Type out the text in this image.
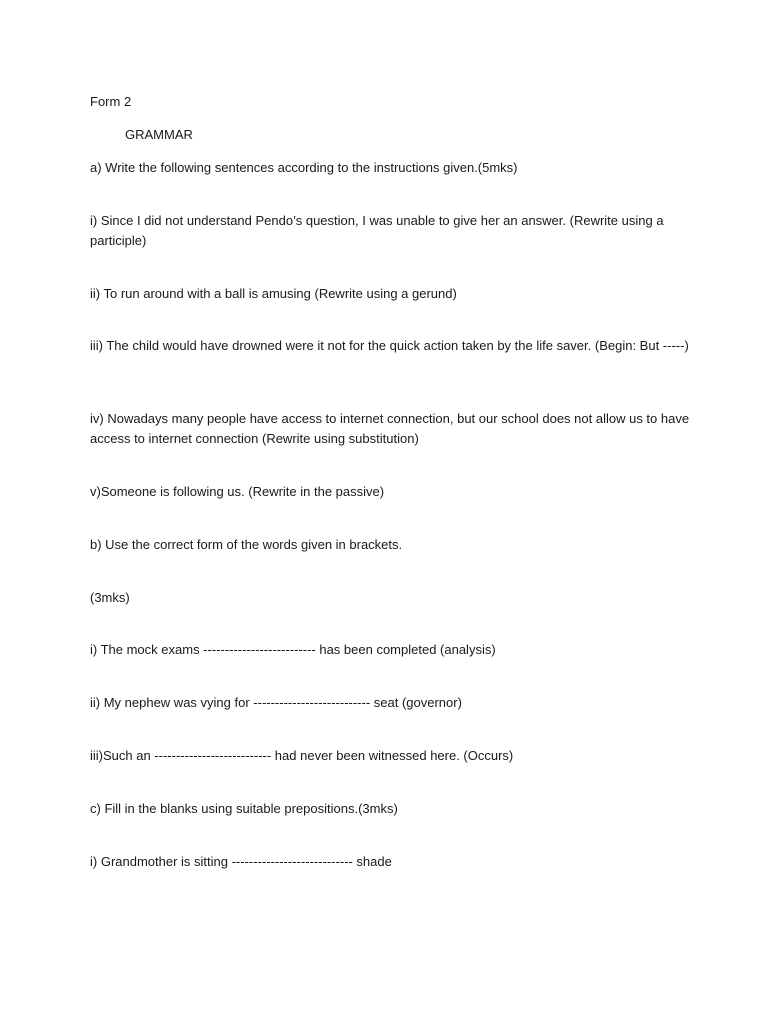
Form 2

GRAMMAR

a) Write the following sentences according to the instructions given.(5mks)

i) Since I did not understand Pendo’s question, I was unable to give her an answer. (Rewrite using a participle)

ii) To run around with a ball is amusing (Rewrite using a gerund)

iii) The child would have drowned were it not for the quick action taken by the life saver. (Begin: But -----)

iv) Nowadays many people have access to internet connection, but our school does not allow us to have access to internet connection (Rewrite using substitution)

v)Someone is following us. (Rewrite in the passive)

b) Use the correct form of the words given in brackets.

(3mks)

i) The mock exams -------------------------- has been completed (analysis)

ii) My nephew was vying for --------------------------- seat (governor)

iii)Such an --------------------------- had never been witnessed here. (Occurs)

c) Fill in the blanks using suitable prepositions.(3mks)

i) Grandmother is sitting ---------------------------- shade
